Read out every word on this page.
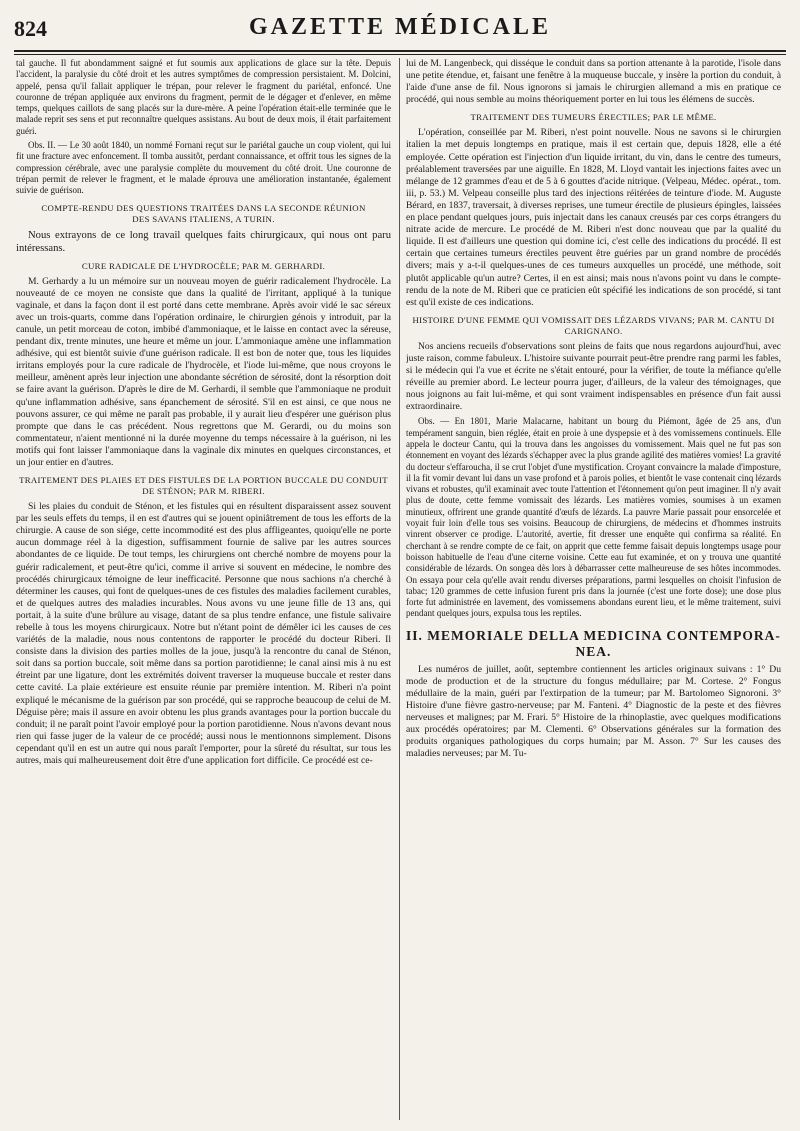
824	GAZETTE MÉDICALE

tal gauche. Il fut abondamment saigné et fut soumis aux applications de glace sur la tête. Depuis l'accident, la paralysie du côté droit et les autres symptômes de compression persistaient. M. Dolcini, appelé, pensa qu'il fallait appliquer le trépan, pour relever le fragment du pariétal, enfoncé. Une couronne de trépan appliquée aux environs du fragment, permit de le dégager et d'enlever, en même temps, quelques caillots de sang placés sur la dure-mère. A peine l'opération était-elle terminée que le malade reprit ses sens et put reconnaître quelques assistans. Au bout de deux mois, il était parfaitement guéri.

Obs. II. — Le 30 août 1840, un nommé Fornani reçut sur le pariétal gauche un coup violent, qui lui fit une fracture avec enfoncement. Il tomba aussitôt, perdant connaissance, et offrit tous les signes de la compression cérébrale, avec une paralysie complète du mouvement du côté droit. Une couronne de trépan permit de relever le fragment, et le malade éprouva une amélioration instantanée, également suivie de guérison.

COMPTE-RENDU DES QUESTIONS TRAITÉES DANS LA SECONDE RÉUNION
DES SAVANS ITALIENS, A TURIN.

Nous extrayons de ce long travail quelques faits chirurgicaux, qui nous ont paru intéressans.

CURE RADICALE DE L'HYDROCÈLE; PAR M. GERHARDI.

M. Gerhardy a lu un mémoire sur un nouveau moyen de guérir radicalement l'hydrocèle. La nouveauté de ce moyen ne consiste que dans la qualité de l'irritant, appliqué à la tunique vaginale, et dans la façon dont il est porté dans cette membrane. Après avoir vidé le sac séreux avec un trois-quarts, comme dans l'opération ordinaire, le chirurgien génois y introduit, par la canule, un petit morceau de coton, imbibé d'ammoniaque, et le laisse en contact avec la séreuse, pendant dix, trente minutes, une heure et même un jour. L'ammoniaque amène une inflammation adhésive, qui est bientôt suivie d'une guérison radicale. Il est bon de noter que, tous les liquides irritans employés pour la cure radicale de l'hydrocèle, et l'iode lui-même, que nous croyons le meilleur, amènent après leur injection une abondante sécrétion de sérosité, dont la résorption doit se faire avant la guérison. D'après le dire de M. Gerhardi, il semble que l'ammoniaque ne produit qu'une inflammation adhésive, sans épanchement de sérosité. S'il en est ainsi, ce que nous ne pouvons assurer, ce qui même ne paraît pas probable, il y aurait lieu d'espérer une guérison plus prompte que dans le cas précédent. Nous regrettons que M. Gerardi, ou du moins son commentateur, n'aient mentionné ni la durée moyenne du temps nécessaire à la guérison, ni les motifs qui font laisser l'ammoniaque dans la vaginale dix minutes en quelques circonstances, et un jour entier en d'autres.

TRAITEMENT DES PLAIES ET DES FISTULES DE LA PORTION BUCCALE DU CONDUIT DE STÉNON; PAR M. RIBERI.

Si les plaies du conduit de Sténon, et les fistules qui en résultent disparaissent assez souvent par les seuls effets du temps, il en est d'autres qui se jouent opiniâtrement de tous les efforts de la chirurgie. A cause de son siége, cette incommodité est des plus affligeantes, quoiqu'elle ne porte aucun dommage réel à la digestion, suffisamment fournie de salive par les autres sources abondantes de ce liquide. De tout temps, les chirurgiens ont cherché nombre de moyens pour la guérir radicalement, et peut-être qu'ici, comme il arrive si souvent en médecine, le nombre des procédés chirurgicaux témoigne de leur inefficacité. Personne que nous sachions n'a cherché à déterminer les causes, qui font de quelques-unes de ces fistules des maladies facilement curables, et de quelques autres des maladies incurables. Nous avons vu une jeune fille de 13 ans, qui portait, à la suite d'une brûlure au visage, datant de sa plus tendre enfance, une fistule salivaire rebelle à tous les moyens chirurgicaux. Notre but n'étant point de démêler ici les causes de ces variétés de la maladie, nous nous contentons de rapporter le procédé du docteur Riberi. Il consiste dans la division des parties molles de la joue, jusqu'à la rencontre du canal de Sténon, soit dans sa portion buccale, soit même dans sa portion parotidienne; le canal ainsi mis à nu est étreint par une ligature, dont les extrémités doivent traverser la muqueuse buccale et rester dans cette cavité. La plaie extérieure est ensuite réunie par première intention. M. Riberi n'a point expliqué le mécanisme de la guérison par son procédé, qui se rapproche beaucoup de celui de M. Déguise père; mais il assure en avoir obtenu les plus grands avantages pour la portion buccale du conduit; il ne paraît point l'avoir employé pour la portion parotidienne. Nous n'avons devant nous rien qui fasse juger de la valeur de ce procédé; aussi nous le mentionnons simplement. Disons cependant qu'il en est un autre qui nous paraît l'emporter, pour la sûreté du résultat, sur tous les autres, mais qui malheureusement doit être d'une application fort difficile. Ce procédé est ce-

lui de M. Langenbeck, qui disséque le conduit dans sa portion attenante à la parotide, l'isole dans une petite étendue, et, faisant une fenêtre à la muqueuse buccale, y insère la portion du conduit, à l'aide d'une anse de fil. Nous ignorons si jamais le chirurgien allemand a mis en pratique ce procédé, qui nous semble au moins théoriquement porter en lui tous les élémens de succès.

TRAITEMENT DES TUMEURS ÉRECTILES; PAR LE MÊME.

L'opération, conseillée par M. Riberi, n'est point nouvelle. Nous ne savons si le chirurgien italien la met depuis longtemps en pratique, mais il est certain que, depuis 1828, elle a été employée. Cette opération est l'injection d'un liquide irritant, du vin, dans le centre des tumeurs, préalablement traversées par une aiguille. En 1828, M. Lloyd vantait les injections faites avec un mélange de 12 grammes d'eau et de 5 à 6 gouttes d'acide nitrique. (Velpeau, Médec. opérat., tom. iii, p. 53.) M. Velpeau conseille plus tard des injections réitérées de teinture d'iode. M. Auguste Bérard, en 1837, traversait, à diverses reprises, une tumeur érectile de plusieurs épingles, laissées en place pendant quelques jours, puis injectait dans les canaux creusés par ces corps étrangers du nitrate acide de mercure. Le procédé de M. Riberi n'est donc nouveau que par la qualité du liquide. Il est d'ailleurs une question qui domine ici, c'est celle des indications du procédé. Il est certain que certaines tumeurs érectiles peuvent être guéries par un grand nombre de procédés divers; mais y a-t-il quelques-unes de ces tumeurs auxquelles un procédé, une méthode, soit plutôt applicable qu'un autre? Certes, il en est ainsi; mais nous n'avons point vu dans le compte-rendu de la note de M. Riberi que ce praticien eût spécifié les indications de son procédé, si tant est qu'il existe de ces indications.

HISTOIRE D'UNE FEMME QUI VOMISSAIT DES LÉZARDS VIVANS; PAR M. CANTU DI CARIGNANO.

Nos anciens recueils d'observations sont pleins de faits que nous regardons aujourd'hui, avec juste raison, comme fabuleux. L'histoire suivante pourrait peut-être prendre rang parmi les fables, si le médecin qui l'a vue et écrite ne s'était entouré, pour la vérifier, de toute la méfiance qu'elle réveille au premier abord. Le lecteur pourra juger, d'ailleurs, de la valeur des témoignages, que nous joignons au fait lui-même, et qui sont vraiment indispensables en présence d'un fait aussi extraordinaire.

Obs. — En 1801, Marie Malacarne, habitant un bourg du Piémont, âgée de 25 ans, d'un tempérament sanguin, bien réglée, était en proie à une dyspepsie et à des vomissemens continuels. Elle appela le docteur Cantu, qui la trouva dans les angoisses du vomissement. Mais quel ne fut pas son étonnement en voyant des lézards s'échapper avec la plus grande agilité des matières vomies! La gravité du docteur s'effaroucha, il se crut l'objet d'une mystification. Croyant convaincre la malade d'imposture, il la fit vomir devant lui dans un vase profond et à parois polies, et bientôt le vase contenait cinq lézards vivans et robustes, qu'il examinait avec toute l'attention et l'étonnement qu'on peut imaginer. Il n'y avait plus de doute, cette femme vomissait des lézards. Les matières vomies, soumises à un examen minutieux, offrirent une grande quantité d'œufs de lézards. La pauvre Marie passait pour ensorcelée et voyait fuir loin d'elle tous ses voisins. Beaucoup de chirurgiens, de médecins et d'hommes instruits vinrent observer ce prodige. L'autorité, avertie, fit dresser une enquête qui confirma sa réalité. En cherchant à se rendre compte de ce fait, on apprit que cette femme faisait depuis longtemps usage pour boisson habituelle de l'eau d'une citerne voisine. Cette eau fut examinée, et on y trouva une quantité considérable de lézards. On songea dès lors à débarrasser cette malheureuse de ses hôtes incommodes. On essaya pour cela qu'elle avait rendu diverses préparations, parmi lesquelles on choisit l'infusion de tabac; 120 grammes de cette infusion furent pris dans la journée (c'est une forte dose); une dose plus forte fut administrée en lavement, des vomissemens abondans eurent lieu, et le même traitement, suivi pendant quelques jours, expulsa tous les reptiles.

II. MEMORIALE DELLA MEDICINA CONTEMPORA-
NEA.

Les numéros de juillet, août, septembre contiennent les articles originaux suivans : 1° Du mode de production et de la structure du fongus médullaire; par M. Cortese. 2° Fongus médullaire de la main, guéri par l'extirpation de la tumeur; par M. Bartolomeo Signoroni. 3° Histoire d'une fièvre gastro-nerveuse; par M. Fanteni. 4° Diagnostic de la peste et des fièvres nerveuses et malignes; par M. Frari. 5° Histoire de la rhinoplastie, avec quelques modifications aux procédés opératoires; par M. Clementi. 6° Observations générales sur la formation des produits organiques pathologiques du corps humain; par M. Asson. 7° Sur les causes des maladies nerveuses; par M. Tu-
